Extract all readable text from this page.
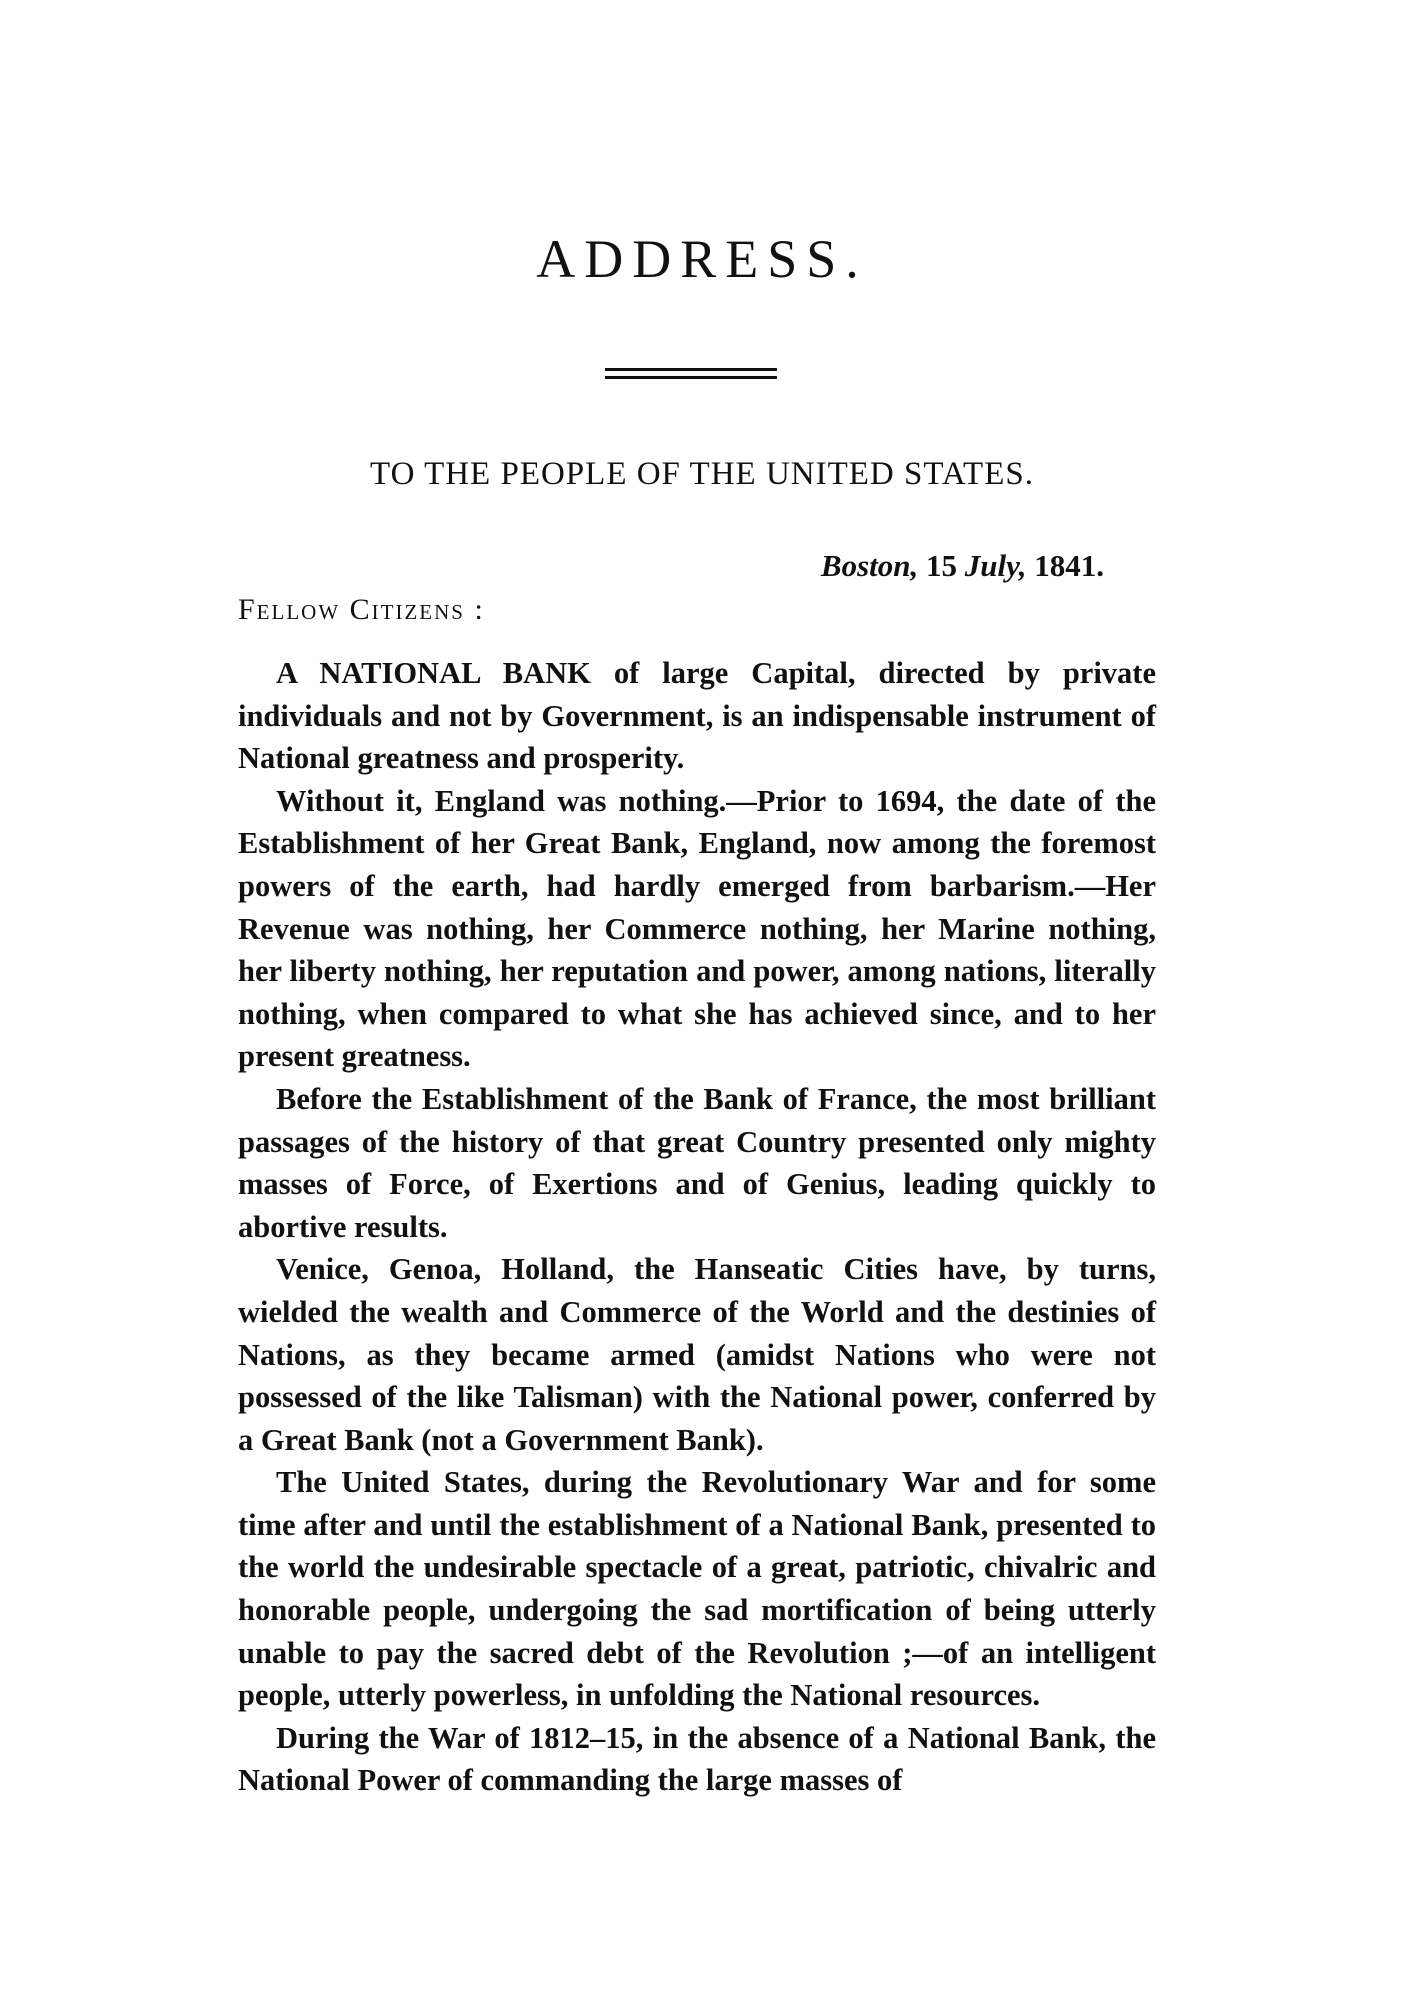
ADDRESS.
TO THE PEOPLE OF THE UNITED STATES.
Boston, 15 July, 1841.
Fellow Citizens :

A NATIONAL BANK of large Capital, directed by private individuals and not by Government, is an indispensable instrument of National greatness and prosperity.

Without it, England was nothing.—Prior to 1694, the date of the Establishment of her Great Bank, England, now among the foremost powers of the earth, had hardly emerged from barbarism.—Her Revenue was nothing, her Commerce nothing, her Marine nothing, her liberty nothing, her reputation and power, among nations, literally nothing, when compared to what she has achieved since, and to her present greatness.

Before the Establishment of the Bank of France, the most brilliant passages of the history of that great Country presented only mighty masses of Force, of Exertions and of Genius, leading quickly to abortive results.

Venice, Genoa, Holland, the Hanseatic Cities have, by turns, wielded the wealth and Commerce of the World and the destinies of Nations, as they became armed (amidst Nations who were not possessed of the like Talisman) with the National power, conferred by a Great Bank (not a Government Bank).

The United States, during the Revolutionary War and for some time after and until the establishment of a National Bank, presented to the world the undesirable spectacle of a great, patriotic, chivalric and honorable people, undergoing the sad mortification of being utterly unable to pay the sacred debt of the Revolution ;—of an intelligent people, utterly powerless, in unfolding the National resources.

During the War of 1812–15, in the absence of a National Bank, the National Power of commanding the large masses of
